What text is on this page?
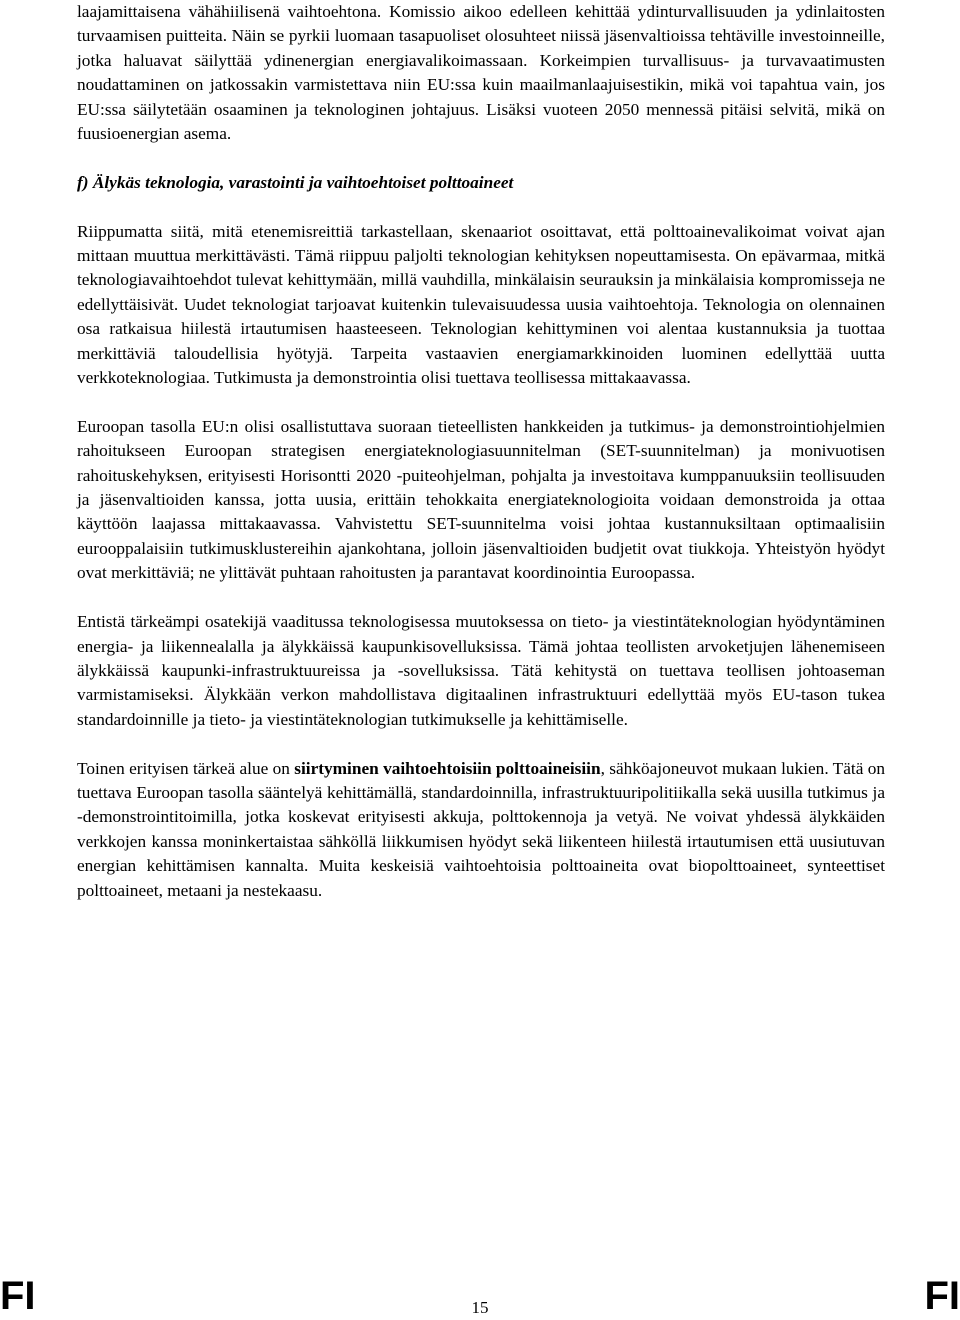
laajamittaisena vähähiilisenä vaihtoehtona. Komissio aikoo edelleen kehittää ydinturvallisuuden ja ydinlaitosten turvaamisen puitteita. Näin se pyrkii luomaan tasapuoliset olosuhteet niissä jäsenvaltioissa tehtäville investoinneille, jotka haluavat säilyttää ydinenergian energiavalikoimassaan. Korkeimpien turvallisuus- ja turvavaatimusten noudattaminen on jatkossakin varmistettava niin EU:ssa kuin maailmanlaajuisestikin, mikä voi tapahtua vain, jos EU:ssa säilytetään osaaminen ja teknologinen johtajuus. Lisäksi vuoteen 2050 mennessä pitäisi selvitä, mikä on fuusioenergian asema.

f) Älykäs teknologia, varastointi ja vaihtoehtoiset polttoaineet

Riippumatta siitä, mitä etenemisreittiä tarkastellaan, skenaariot osoittavat, että polttoainevalikoimat voivat ajan mittaan muuttua merkittävästi. Tämä riippuu paljolti teknologian kehityksen nopeuttamisesta. On epävarmaa, mitkä teknologiavaihtoehdot tulevat kehittymään, millä vauhdilla, minkälaisin seurauksin ja minkälaisia kompromisseja ne edellyttäisivät. Uudet teknologiat tarjoavat kuitenkin tulevaisuudessa uusia vaihtoehtoja. Teknologia on olennainen osa ratkaisua hiilestä irtautumisen haasteeseen. Teknologian kehittyminen voi alentaa kustannuksia ja tuottaa merkittäviä taloudellisia hyötyjä. Tarpeita vastaavien energiamarkkinoiden luominen edellyttää uutta verkkoteknologiaa. Tutkimusta ja demonstrointia olisi tuettava teollisessa mittakaavassa.

Euroopan tasolla EU:n olisi osallistuttava suoraan tieteellisten hankkeiden ja tutkimus- ja demonstrointiohjelmien rahoitukseen Euroopan strategisen energiateknologiasuunnitelman (SET-suunnitelman) ja monivuotisen rahoituskehyksen, erityisesti Horisontti 2020 -puiteohjelman, pohjalta ja investoitava kumppanuuksiin teollisuuden ja jäsenvaltioiden kanssa, jotta uusia, erittäin tehokkaita energiateknologioita voidaan demonstroida ja ottaa käyttöön laajassa mittakaavassa. Vahvistettu SET-suunnitelma voisi johtaa kustannuksiltaan optimaalisiin eurooppalaisiin tutkimusklustereihin ajankohtana, jolloin jäsenvaltioiden budjetit ovat tiukkoja. Yhteistyön hyödyt ovat merkittäviä; ne ylittävät puhtaan rahoitusten ja parantavat koordinointia Euroopassa.

Entistä tärkeämpi osatekijä vaaditussa teknologisessa muutoksessa on tieto- ja viestintäteknologian hyödyntäminen energia- ja liikennealalla ja älykkäissä kaupunkisovelluksissa. Tämä johtaa teollisten arvoketjujen lähenemiseen älykkäissä kaupunki-infrastruktuureissa ja -sovelluksissa. Tätä kehitystä on tuettava teollisen johtoaseman varmistamiseksi. Älykkään verkon mahdollistava digitaalinen infrastruktuuri edellyttää myös EU-tason tukea standardoinnille ja tieto- ja viestintäteknologian tutkimukselle ja kehittämiselle.

Toinen erityisen tärkeä alue on siirtyminen vaihtoehtoisiin polttoaineisiin, sähköajoneuvot mukaan lukien. Tätä on tuettava Euroopan tasolla sääntelyä kehittämällä, standardoinnilla, infrastruktuuripolitiikalla sekä uusilla tutkimus ja -demonstrointitoimilla, jotka koskevat erityisesti akkuja, polttokennoja ja vetyä. Ne voivat yhdessä älykkäiden verkkojen kanssa moninkertaistaa sähköllä liikkumisen hyödyt sekä liikenteen hiilestä irtautumisen että uusiutuvan energian kehittämisen kannalta. Muita keskeisiä vaihtoehtoisia polttoaineita ovat biopolttoaineet, synteettiset polttoaineet, metaani ja nestekaasu.

FI	15	FI
